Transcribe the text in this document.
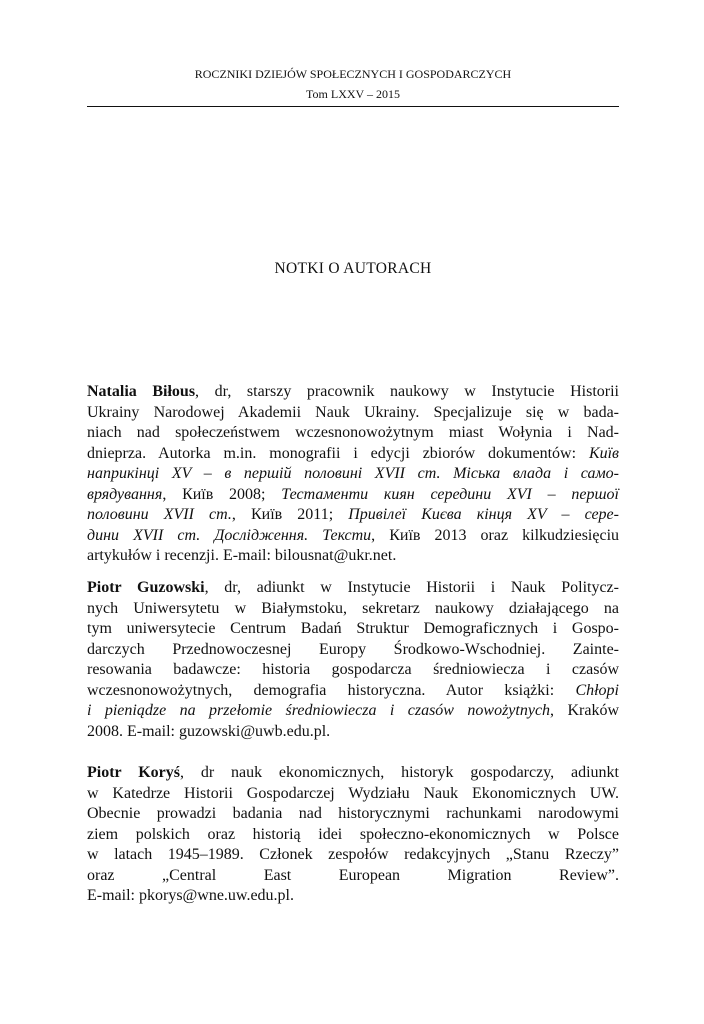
ROCZNIKI DZIEJÓW SPOŁECZNYCH I GOSPODARCZYCH
Tom LXXV – 2015
NOTKI O AUTORACH
Natalia Biłous, dr, starszy pracownik naukowy w Instytucie Historii
Ukrainy Narodowej Akademii Nauk Ukrainy. Specjalizuje się w bada-
niach nad społeczeństwem wczesnonowożytnym miast Wołynia i Nad-
dnieprza. Autorka m.in. monografii i edycji zbiorów dokumentów: Київ
наприкінці XV – в першій половині XVII ст. Міська влада і само-
врядування, Київ 2008; Тестаменти киян середини XVI – першої
половини XVII ст., Київ 2011; Привілеї Києва кінця XV – сере-
дини XVII ст. Дослідження. Тексти, Київ 2013 oraz kilkudziesięciu
artykułów i recenzji. E-mail: bilousnat@ukr.net.
Piotr Guzowski, dr, adiunkt w Instytucie Historii i Nauk Politycz-
nych Uniwersytetu w Białymstoku, sekretarz naukowy działającego na
tym uniwersytecie Centrum Badań Struktur Demograficznych i Gospo-
darczych Przednowoczesnej Europy Środkowo-Wschodniej. Zainte-
resowania badawcze: historia gospodarcza średniowiecza i czasów
wczesnonowożytnych, demografia historyczna. Autor książki: Chłopi
i pieniądze na przełomie średniowiecza i czasów nowożytnych, Kraków
2008. E-mail: guzowski@uwb.edu.pl.
Piotr Koryś, dr nauk ekonomicznych, historyk gospodarczy, adiunkt
w Katedrze Historii Gospodarczej Wydziału Nauk Ekonomicznych UW.
Obecnie prowadzi badania nad historycznymi rachunkami narodowymi
ziem polskich oraz historią idei społeczno-ekonomicznych w Polsce
w latach 1945–1989. Członek zespołów redakcyjnych „Stanu Rzeczy”
oraz „Central East European Migration Review”.
E-mail: pkorys@wne.uw.edu.pl.
